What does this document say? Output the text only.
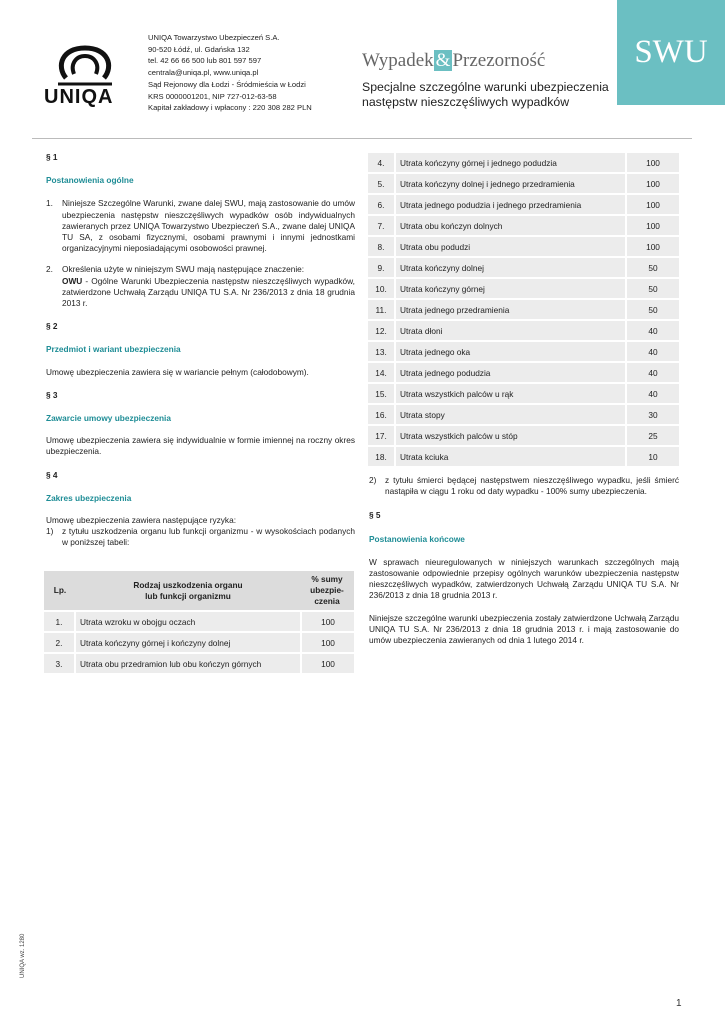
UNIQA
UNIQA Towarzystwo Ubezpieczeń S.A.
90-520 Łódź, ul. Gdańska 132
tel. 42 66 66 500 lub 801 597 597
centrala@uniqa.pl, www.uniqa.pl
Sąd Rejonowy dla Łodzi - Śródmieścia w Łodzi
KRS 0000001201, NIP 727-012-63-58
Kapitał zakładowy i wpłacony : 220 308 282 PLN
Wypadek & Przezorność
Specjalne szczególne warunki ubezpieczenia
następstw nieszczęśliwych wypadków
SWU
§ 1
Postanowienia ogólne
1.	Niniejsze Szczególne Warunki, zwane dalej SWU, mają zastosowanie do umów ubezpieczenia następstw nieszczęśliwych wypadków osób indywidualnych zawieranych przez UNIQA Towarzystwo Ubezpieczeń S.A., zwane dalej UNIQA TU SA, z osobami fizycznymi, osobami prawnymi i innymi jednostkami organizacyjnymi nieposiadającymi osobowości prawnej.
2.	Określenia użyte w niniejszym SWU mają następujące znaczenie:
OWU - Ogólne Warunki Ubezpieczenia następstw nieszczęśliwych wypadków, zatwierdzone Uchwałą Zarządu UNIQA TU S.A. Nr 236/2013 z dnia 18 grudnia 2013 r.
§ 2
Przedmiot i wariant ubezpieczenia
Umowę ubezpieczenia zawiera się w wariancie pełnym (całodobowym).
§ 3
Zawarcie umowy ubezpieczenia
Umowę ubezpieczenia zawiera się indywidualnie w formie imiennej na roczny okres ubezpieczenia.
§ 4
Zakres ubezpieczenia
Umowę ubezpieczenia zawiera następujące ryzyka:
1)	z tytułu uszkodzenia organu lub funkcji organizmu - w wysokościach podanych w poniższej tabeli:
Lp.	Rodzaj uszkodzenia organu
lub funkcji organizmu	% sumy
ubezpie-
czenia
1.	Utrata wzroku w obojgu oczach	100
2.	Utrata kończyny górnej i kończyny dolnej	100
3.	Utrata obu przedramion lub obu kończyn górnych	100
4.	Utrata kończyny górnej i jednego podudzia	100
5.	Utrata kończyny dolnej i jednego przedramienia	100
6.	Utrata jednego podudzia i jednego przedramienia	100
7.	Utrata obu kończyn dolnych	100
8.	Utrata obu podudzi	100
9.	Utrata kończyny dolnej	50
10.	Utrata kończyny górnej	50
11.	Utrata jednego przedramienia	50
12.	Utrata dłoni	40
13.	Utrata jednego oka	40
14.	Utrata jednego podudzia	40
15.	Utrata wszystkich palców u rąk	40
16.	Utrata stopy	30
17.	Utrata wszystkich palców u stóp	25
18.	Utrata kciuka	10
2)	z tytułu śmierci będącej następstwem nieszczęśliwego wypadku, jeśli śmierć nastąpiła w ciągu 1 roku od daty wypadku - 100% sumy ubezpieczenia.
§ 5
Postanowienia końcowe
W sprawach nieuregulowanych w niniejszych warunkach szczególnych mają zastosowanie odpowiednie przepisy ogólnych warunków ubezpieczenia następstw nieszczęśliwych wypadków, zatwierdzonych Uchwałą Zarządu UNIQA TU S.A. Nr 236/2013 z dnia 18 grudnia 2013 r.
Niniejsze szczególne warunki ubezpieczenia zostały zatwierdzone Uchwałą Zarządu UNIQA TU S.A. Nr 236/2013 z dnia 18 grudnia 2013 r. i mają zastosowanie do umów ubezpieczenia zawieranych od dnia 1 lutego 2014 r.
UNIQA wz. 1280
1
